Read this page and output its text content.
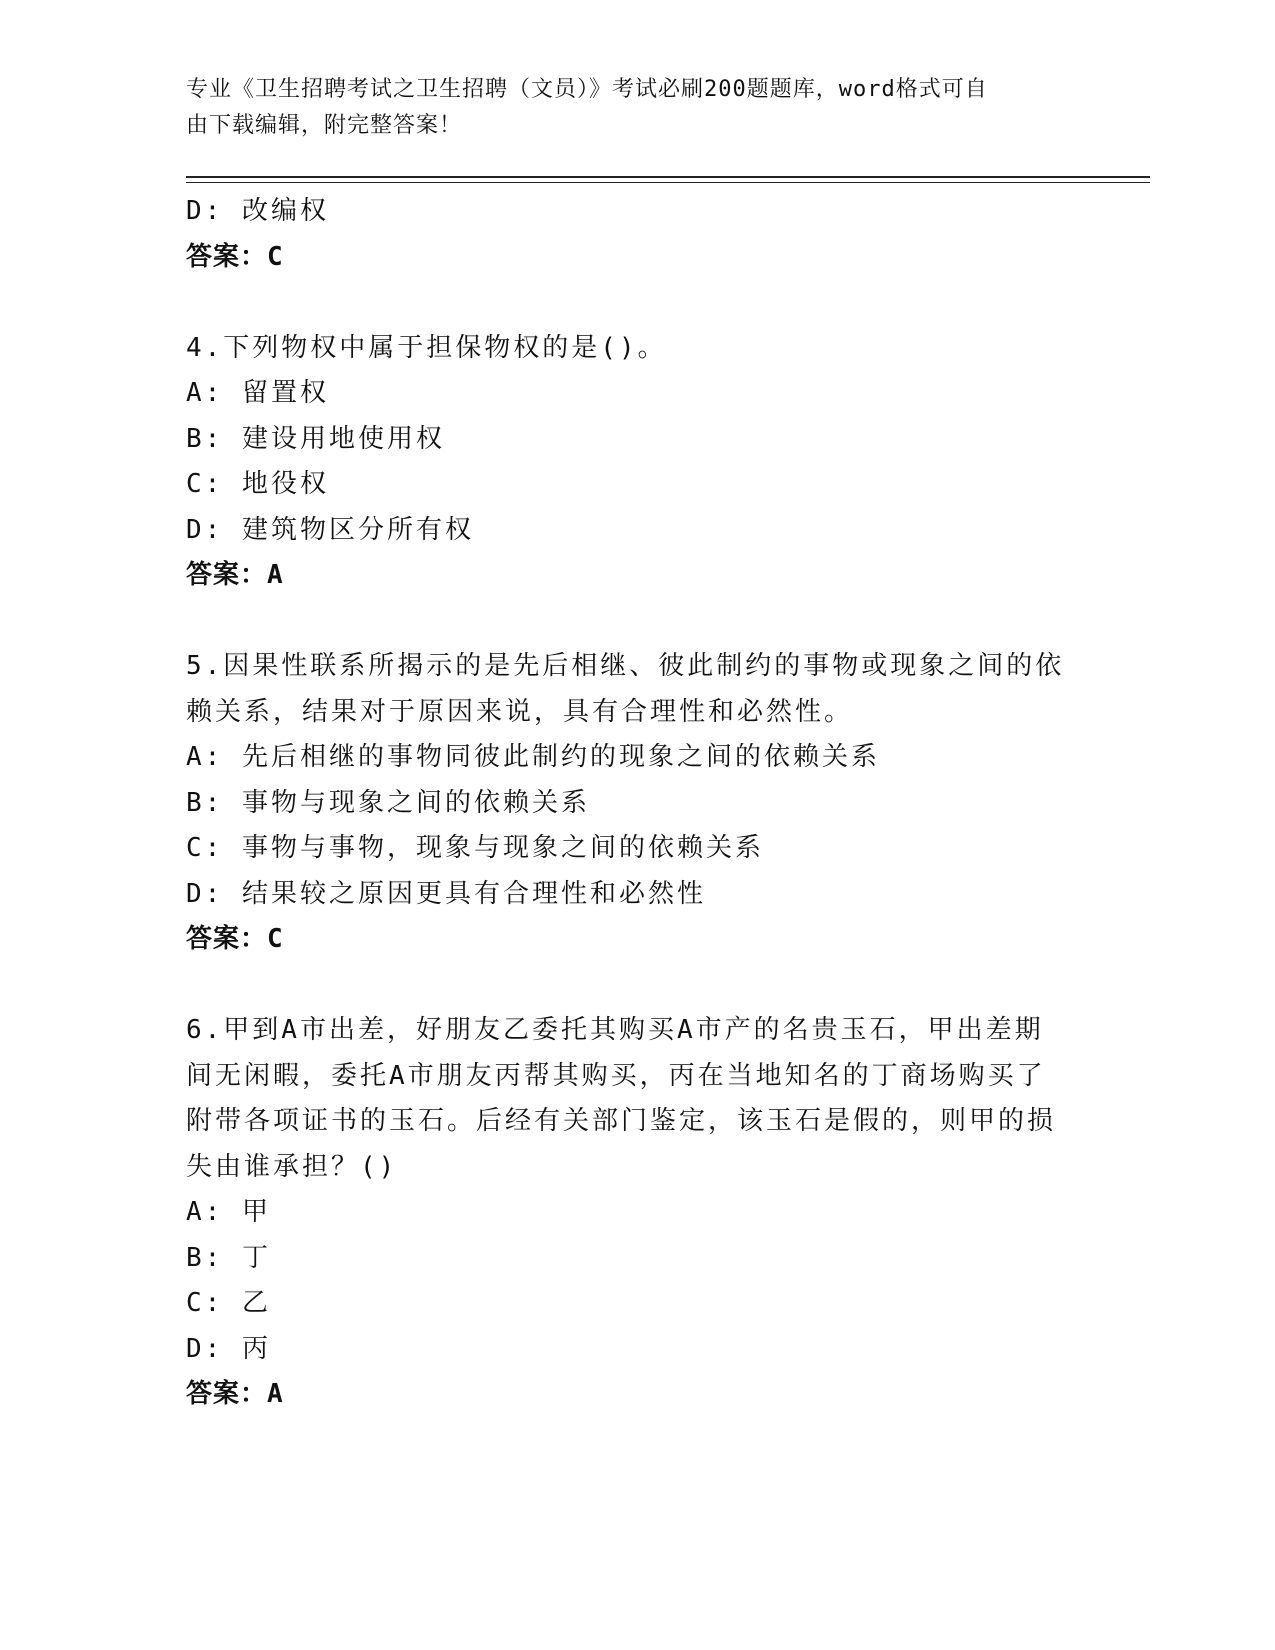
专业《卫生招聘考试之卫生招聘（文员）》考试必刷200题题库，word格式可自
由下载编辑，附完整答案！
D: 改编权
答案：C
4.下列物权中属于担保物权的是()。
A: 留置权
B: 建设用地使用权
C: 地役权
D: 建筑物区分所有权
答案：A
5.因果性联系所揭示的是先后相继、彼此制约的事物或现象之间的依
赖关系，结果对于原因来说，具有合理性和必然性。
A: 先后相继的事物同彼此制约的现象之间的依赖关系
B: 事物与现象之间的依赖关系
C: 事物与事物，现象与现象之间的依赖关系
D: 结果较之原因更具有合理性和必然性
答案：C
6.甲到A市出差，好朋友乙委托其购买A市产的名贵玉石，甲出差期
间无闲暇，委托A市朋友丙帮其购买，丙在当地知名的丁商场购买了
附带各项证书的玉石。后经有关部门鉴定，该玉石是假的，则甲的损
失由谁承担？()
A: 甲
B: 丁
C: 乙
D: 丙
答案：A
